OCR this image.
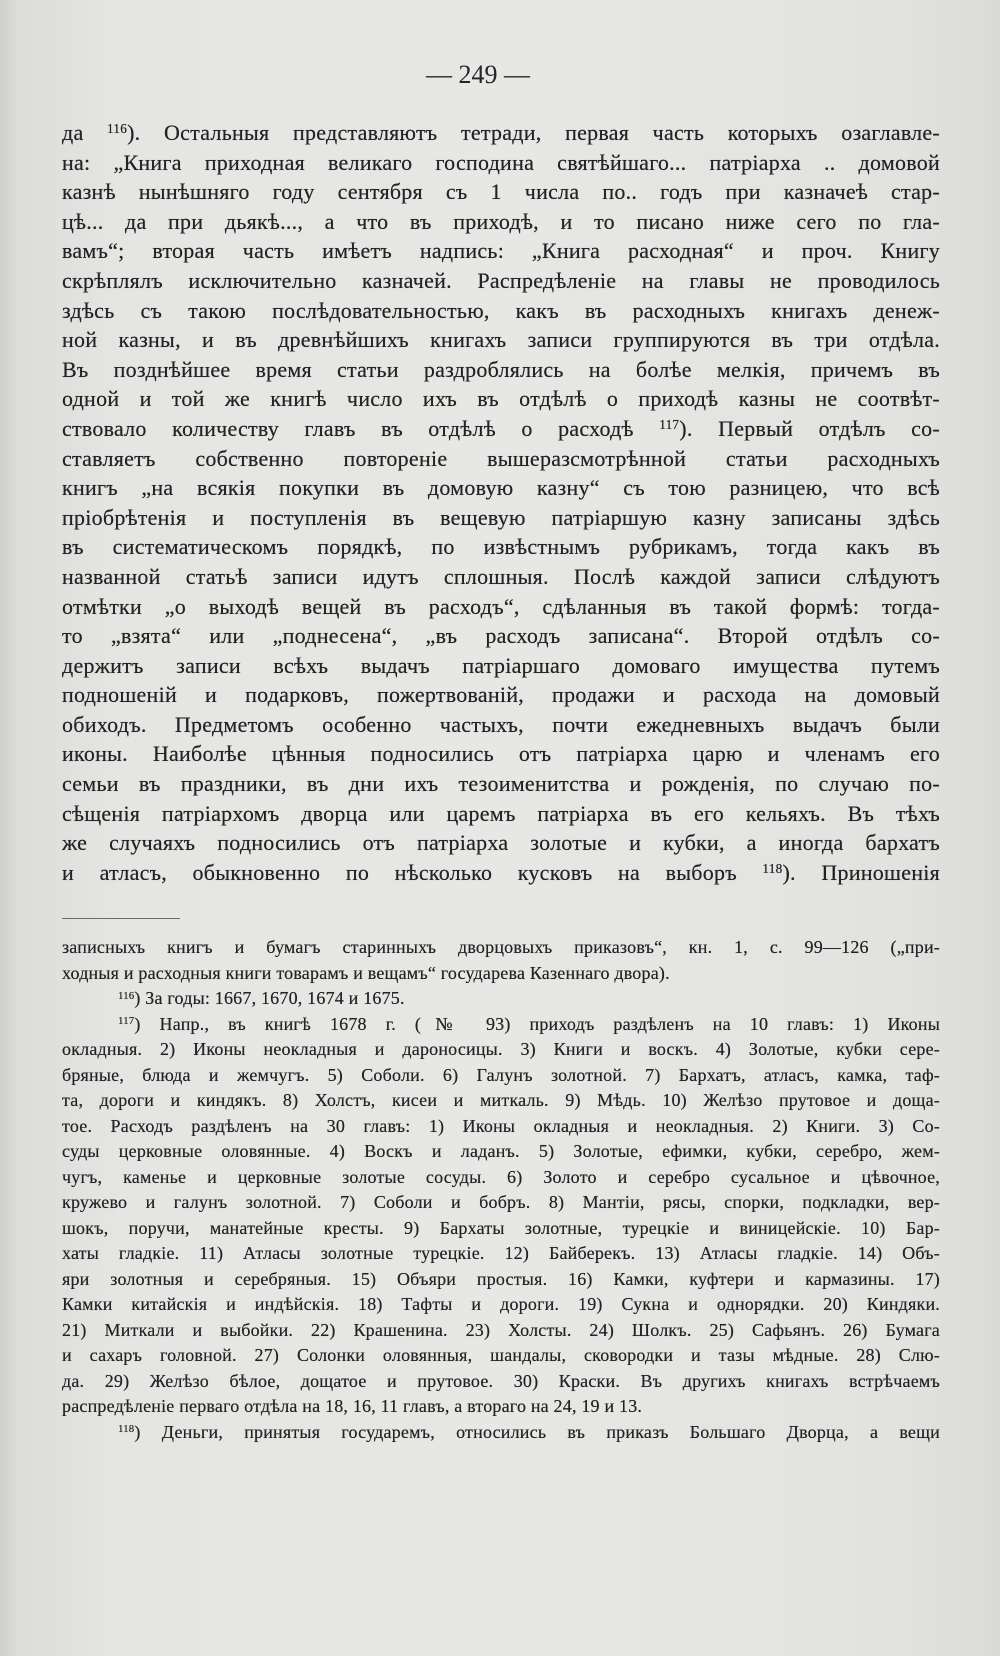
— 249 —
да $^{116}$). Остальныя представляютъ тетради, первая часть которыхъ озаглавле-
на: „Книга приходная великаго господина святѣйшаго... патріарха .. домовой
казнѣ нынѣшняго году сентября съ 1 числа по.. годъ при казначеѣ стар-
цѣ... да при дьякѣ..., а что въ приходѣ, и то писано ниже сего по гла-
вамъ“; вторая часть имѣетъ надпись: „Книга расходная“ и проч. Книгу
скрѣплялъ исключительно казначей. Распредѣленіе на главы не проводилось
здѣсь съ такою послѣдовательностью, какъ въ расходныхъ книгахъ денеж-
ной казны, и въ древнѣйшихъ книгахъ записи группируются въ три отдѣла.
Въ позднѣйшее время статьи раздроблялись на болѣе мелкія, причемъ въ
одной и той же книгѣ число ихъ въ отдѣлѣ о приходѣ казны не соотвѣт-
ствовало количеству главъ въ отдѣлѣ о расходѣ $^{117}$). Первый отдѣлъ со-
ставляетъ собственно повтореніе вышеразсмотрѣнной статьи расходныхъ
книгъ „на всякія покупки въ домовую казну“ съ тою разницею, что всѣ
пріобрѣтенія и поступленія въ вещевую патріаршую казну записаны здѣсь
въ систематическомъ порядкѣ, по извѣстнымъ рубрикамъ, тогда какъ въ
названной статьѣ записи идутъ сплошныя. Послѣ каждой записи слѣдуютъ
отмѣтки „о выходѣ вещей въ расходъ“, сдѣланныя въ такой формѣ: тогда-
то „взята“ или „поднесена“, „въ расходъ записана“. Второй отдѣлъ со-
держитъ записи всѣхъ выдачъ патріаршаго домоваго имущества путемъ
подношеній и подарковъ, пожертвованій, продажи и расхода на домовый
обиходъ. Предметомъ особенно частыхъ, почти ежедневныхъ выдачъ были
иконы. Наиболѣе цѣнныя подносились отъ патріарха царю и членамъ его
семьи въ праздники, въ дни ихъ тезоименитства и рожденія, по случаю по-
сѣщенія патріархомъ дворца или царемъ патріарха въ его кельяхъ. Въ тѣхъ
же случаяхъ подносились отъ патріарха золотые и кубки, а иногда бархатъ
и атласъ, обыкновенно по нѣсколько кусковъ на выборъ $^{118}$). Приношенія
записныхъ книгъ и бумагъ старинныхъ дворцовыхъ приказовъ“, кн. 1, с. 99—126 („при-
ходныя и расходныя книги товарамъ и вещамъ“ государева Казеннаго двора).
$^{116}$) За годы: 1667, 1670, 1674 и 1675.
$^{117}$) Напр., въ книгѣ 1678 г. (№ 93) приходъ раздѣленъ на 10 главъ: 1) Иконы
окладныя. 2) Иконы неокладныя и дароносицы. 3) Книги и воскъ. 4) Золотые, кубки сере-
бряные, блюда и жемчугъ. 5) Соболи. 6) Галунъ золотной. 7) Бархатъ, атласъ, камка, таф-
та, дороги и киндякъ. 8) Холстъ, кисеи и миткаль. 9) Мѣдь. 10) Желѣзо прутовое и доща-
тое. Расходъ раздѣленъ на 30 главъ: 1) Иконы окладныя и неокладныя. 2) Книги. 3) Со-
суды церковные оловянные. 4) Воскъ и ладанъ. 5) Золотые, ефимки, кубки, серебро, жем-
чугъ, каменье и церковные золотые сосуды. 6) Золото и серебро сусальное и цѣвочное,
кружево и галунъ золотной. 7) Соболи и бобръ. 8) Мантіи, рясы, спорки, подкладки, вер-
шокъ, поручи, манатейные кресты. 9) Бархаты золотные, турецкіе и виницейскіе. 10) Бар-
хаты гладкіе. 11) Атласы золотные турецкіе. 12) Байберекъ. 13) Атласы гладкіе. 14) Объ-
яри золотныя и серебряныя. 15) Объяри простыя. 16) Камки, куфтери и кармазины. 17)
Камки китайскія и индѣйскія. 18) Тафты и дороги. 19) Сукна и однорядки. 20) Киндяки.
21) Миткали и выбойки. 22) Крашенина. 23) Холсты. 24) Шолкъ. 25) Сафьянъ. 26) Бумага
и сахаръ головной. 27) Солонки оловянныя, шандалы, сковородки и тазы мѣдные. 28) Слю-
да. 29) Желѣзо бѣлое, дощатое и прутовое. 30) Краски. Въ другихъ книгахъ встрѣчаемъ
распредѣленіе перваго отдѣла на 18, 16, 11 главъ, а втораго на 24, 19 и 13.
$^{118}$) Деньги, принятыя государемъ, относились въ приказъ Большаго Дворца, а вещи
